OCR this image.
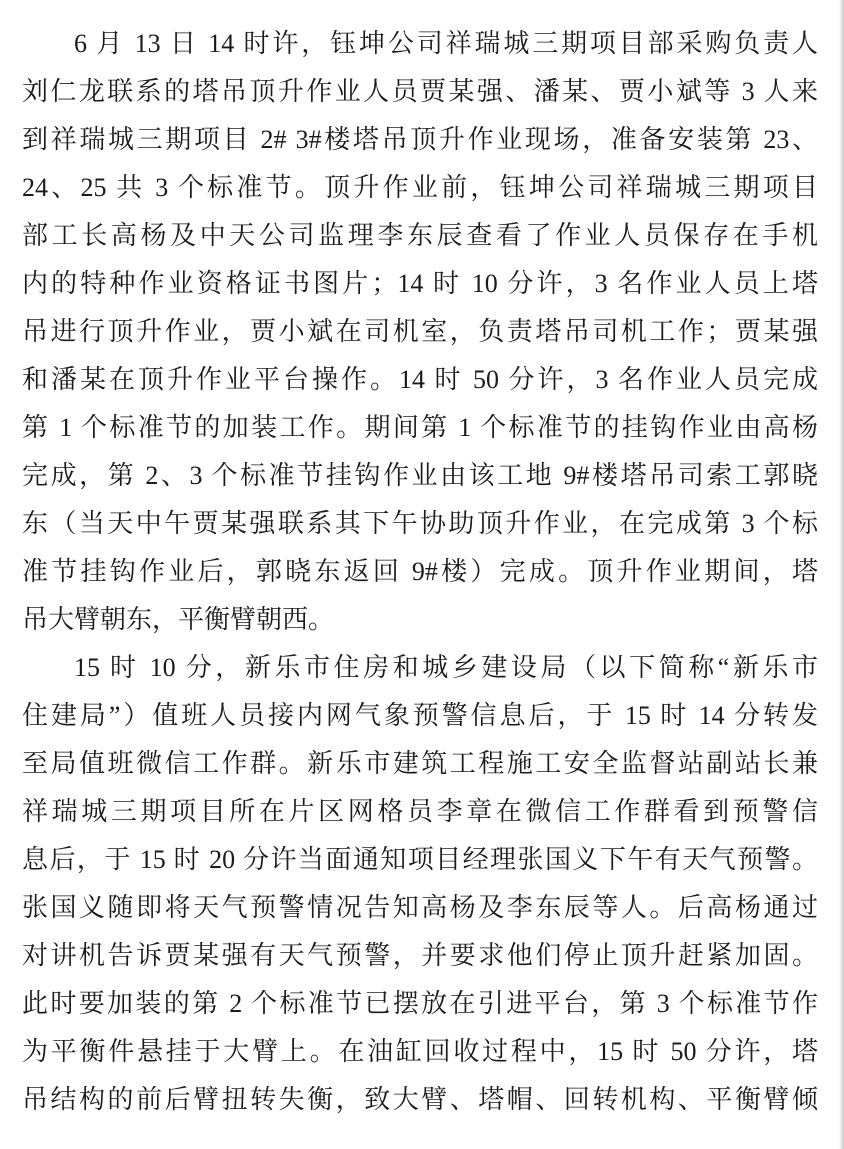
6 月 13 日 14 时许，钰坤公司祥瑞城三期项目部采购负责人
刘仁龙联系的塔吊顶升作业人员贾某强、潘某、贾小斌等 3 人来
到祥瑞城三期项目 2# 3#楼塔吊顶升作业现场，准备安装第 23、
24、25 共 3 个标准节。顶升作业前，钰坤公司祥瑞城三期项目
部工长高杨及中天公司监理李东辰查看了作业人员保存在手机
内的特种作业资格证书图片；14 时 10 分许，3 名作业人员上塔
吊进行顶升作业，贾小斌在司机室，负责塔吊司机工作；贾某强
和潘某在顶升作业平台操作。14 时 50 分许，3 名作业人员完成
第 1 个标准节的加装工作。期间第 1 个标准节的挂钩作业由高杨
完成，第 2、3 个标准节挂钩作业由该工地 9#楼塔吊司索工郭晓
东（当天中午贾某强联系其下午协助顶升作业，在完成第 3 个标
准节挂钩作业后，郭晓东返回 9#楼）完成。顶升作业期间，塔
吊大臂朝东，平衡臂朝西。
15 时 10 分，新乐市住房和城乡建设局（以下简称“新乐市
住建局”）值班人员接内网气象预警信息后，于 15 时 14 分转发
至局值班微信工作群。新乐市建筑工程施工安全监督站副站长兼
祥瑞城三期项目所在片区网格员李章在微信工作群看到预警信
息后，于 15 时 20 分许当面通知项目经理张国义下午有天气预警。
张国义随即将天气预警情况告知高杨及李东辰等人。后高杨通过
对讲机告诉贾某强有天气预警，并要求他们停止顶升赶紧加固。
此时要加装的第 2 个标准节已摆放在引进平台，第 3 个标准节作
为平衡件悬挂于大臂上。在油缸回收过程中，15 时 50 分许，塔
吊结构的前后臂扭转失衡，致大臂、塔帽、回转机构、平衡臂倾
